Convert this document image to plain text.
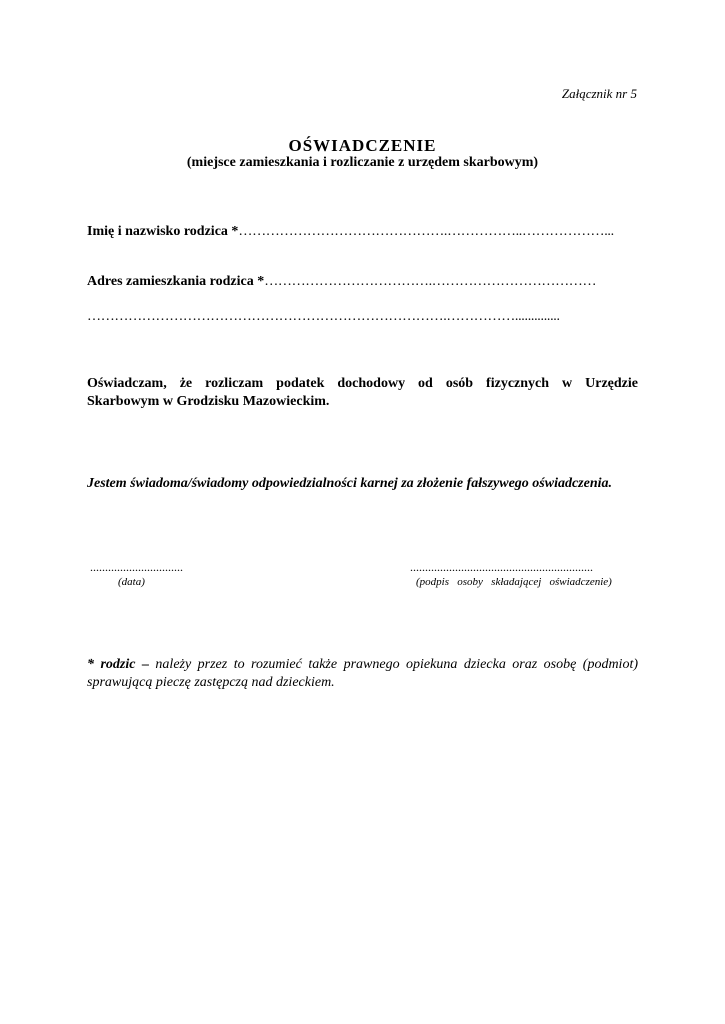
Załącznik nr 5
OŚWIADCZENIE
(miejsce zamieszkania i rozliczanie z urzędem skarbowym)
Imię i nazwisko rodzica *……………………………………….……………..………………...
Adres zamieszkania rodzica *……………………………….………………………………
…………………………………………………………………….……………..............
Oświadczam, że rozliczam podatek dochodowy od osób fizycznych w Urzędzie
Skarbowym w Grodzisku Mazowieckim.
Jestem świadoma/świadomy odpowiedzialności karnej za złożenie fałszywego oświadczenia.
...............................
(data)
.............................................................
(podpis   osoby   składającej   oświadczenie)
* rodzic – należy przez to rozumieć także prawnego opiekuna dziecka oraz osobę (podmiot)
sprawującą pieczę zastępczą nad dzieckiem.
